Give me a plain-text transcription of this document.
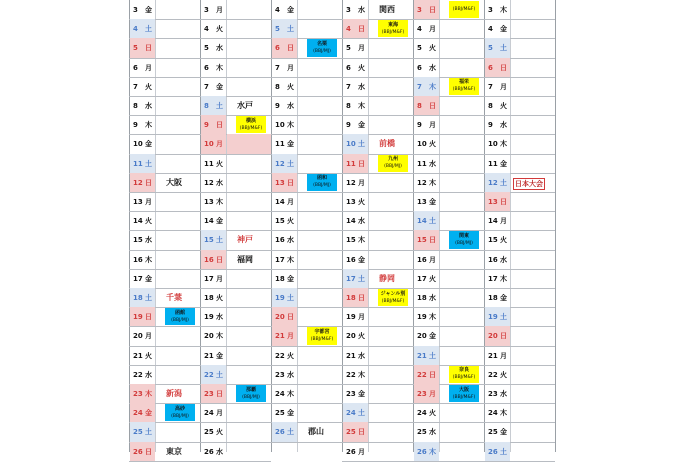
3 金
4 土
5 日
6 月
7 火
8 水
9 木
10 金
11 土
12 日 大阪
13 月
14 火
15 水
16 木
17 金
18 土 千葉
19 日
函館
(BBJ/MJ)
20 月
21 火
22 水
23 木 新潟
24 金
高砂
(BBJ/MJ)
25 土
26 日 東京
3 月
4 火
5 水
6 木
7 金
8 土 水戸
9 日
横浜
(BBJ/M&F)
10 月
11 火
12 水
13 木
14 金
15 土 神戸
16 日 福岡
17 月
18 火
19 水
20 木
21 金
22 土
23 日
那覇
(BBJ/MJ)
24 月
25 火
26 水
4 金
5 土
6 日
名栗
(BBJ/MJ)
7 月
8 火
9 水
10 木
11 金
12 土
13 日
函和
(BBJ/MJ)
14 月
15 火
16 水
17 木
18 金
19 土
20 日
21 月
宇都宮
(BBJ/M&F)
22 火
23 水
24 木
25 金
26 土 郡山
3 水 関西
4 日
東海
(BBJ/M&F)
5 月
6 火
7 水
8 木
9 金
10 土 前橋
11 日
九州
(BBJ/MJ)
12 月
13 火
14 水
15 木
16 金
17 土 静岡
18 日
ジャンル別
(BBJ/M&F)
19 月
20 火
21 水
22 木
23 金
24 土
25 日
26 月
3 日	(BBJ/M&F)
4 月
5 火
6 水
7 木
福栄
(BBJ/M&F)
8 日
9 月
10 火
11 水
12 木
13 金
14 土
15 日
関東
(BBJ/MJ)
16 月
17 火
18 水
19 木
20 金
21 土
22 日
奈良
(BBJ/M&F)
23 月
大阪
(BBJ/M&F)
24 火
25 水
26 木
3 木
4 金
5 土
6 日
7 月
8 火
9 水
10 木
11 金
12 土 日本大会
13 日
14 月
15 火
16 水
17 木
18 金
19 土
20 日
21 月
22 火
23 水
24 木
25 金
26 土
